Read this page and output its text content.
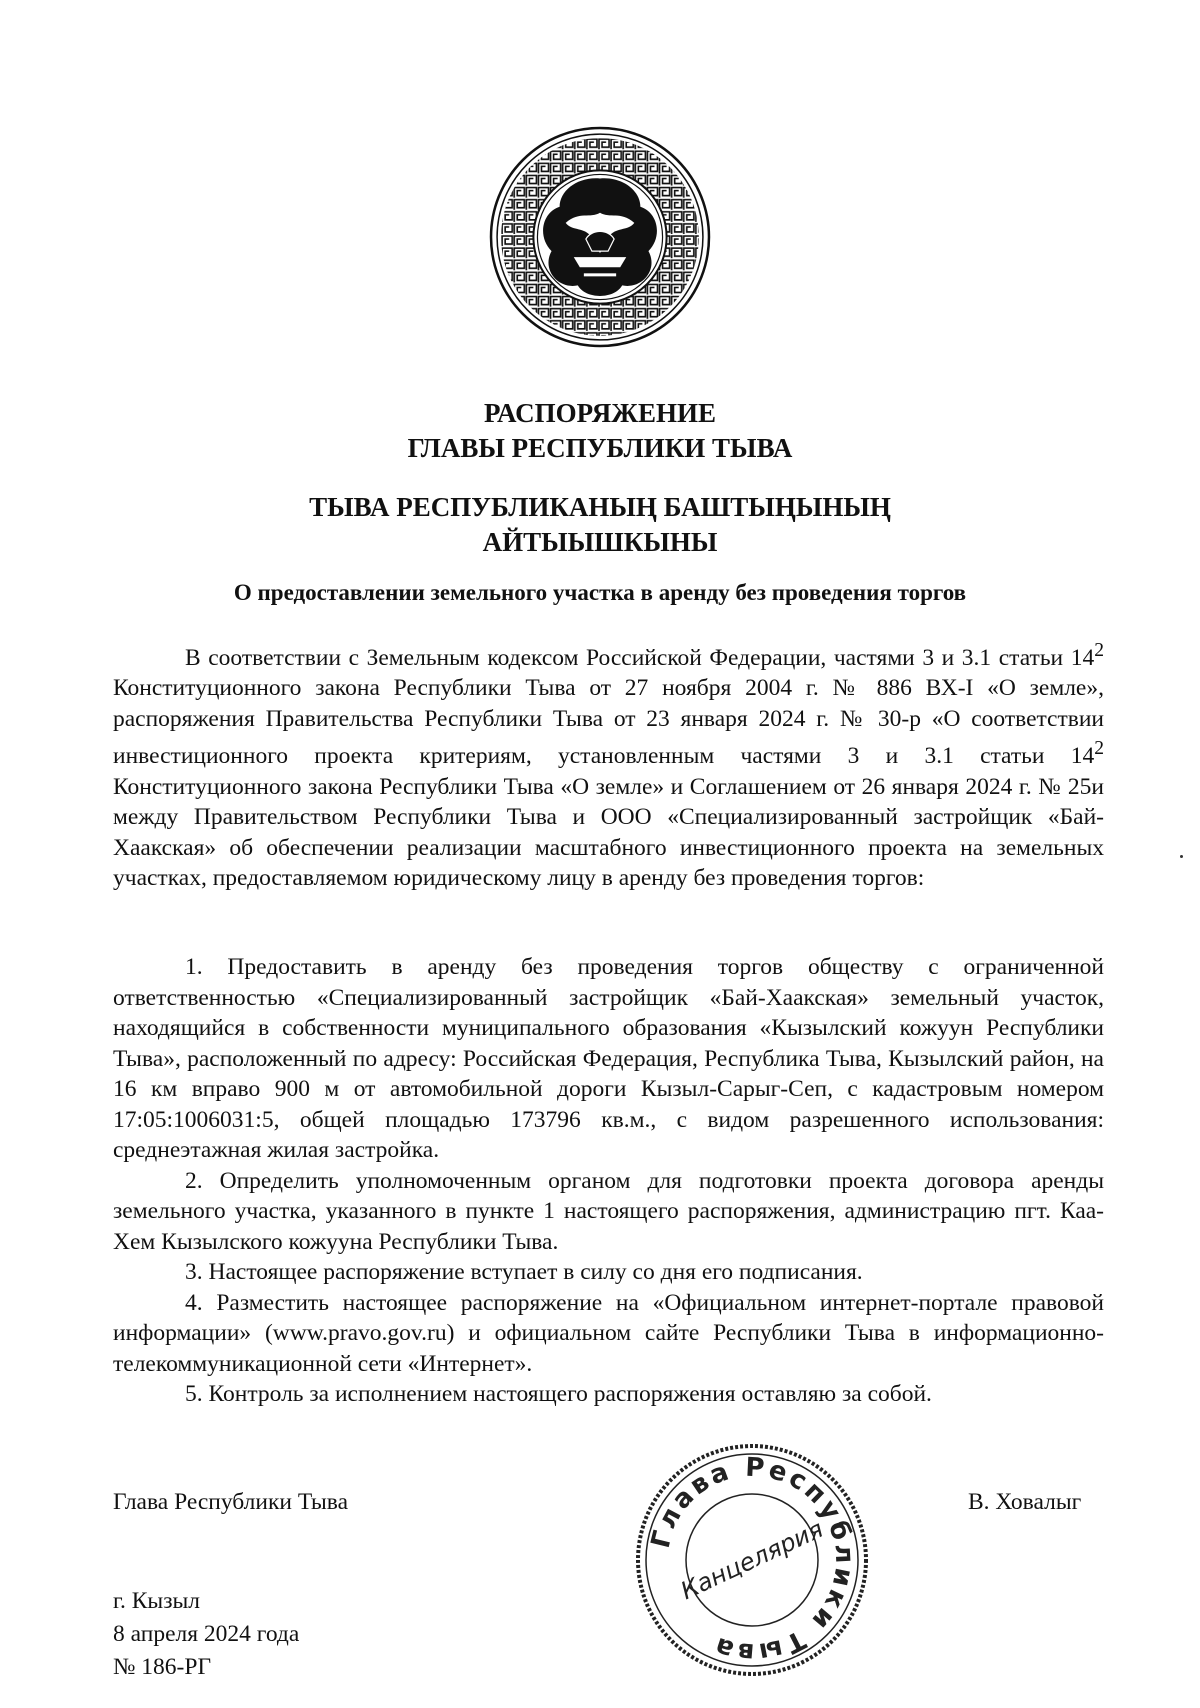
РАСПОРЯЖЕНИЕ
ГЛАВЫ РЕСПУБЛИКИ ТЫВА
ТЫВА РЕСПУБЛИКАНЫҢ БАШТЫҢЫНЫҢ
АЙТЫЫШКЫНЫ

О предоставлении земельного участка в аренду без проведения торгов

В соответствии с Земельным кодексом Российской Федерации, частями 3 и 3.1 статьи $14^2$ Конституционного закона Республики Тыва от 27 ноября 2004 г. № 886 ВХ-I «О земле», распоряжения Правительства Республики Тыва от 23 января 2024 г. № 30-р «О соответствии инвестиционного проекта критериям, установленным частями 3 и 3.1 статьи $14^2$ Конституционного закона Республики Тыва «О земле» и Соглашением от 26 января 2024 г. № 25и между Правительством Республики Тыва и ООО «Специализированный застройщик «Бай-Хаакская» об обеспечении реализации масштабного инвестиционного проекта на земельных участках, предоставляемом юридическому лицу в аренду без проведения торгов:

1. Предоставить в аренду без проведения торгов обществу с ограниченной ответственностью «Специализированный застройщик «Бай-Хаакская» земельный участок, находящийся в собственности муниципального образования «Кызылский кожуун Республики Тыва», расположенный по адресу: Российская Федерация, Республика Тыва, Кызылский район, на 16 км вправо 900 м от автомобильной дороги Кызыл-Сарыг-Сеп, с кадастровым номером 17:05:1006031:5, общей площадью 173796 кв.м., с видом разрешенного использования: среднеэтажная жилая застройка.

2. Определить уполномоченным органом для подготовки проекта договора аренды земельного участка, указанного в пункте 1 настоящего распоряжения, администрацию пгт. Каа-Хем Кызылского кожууна Республики Тыва.

3. Настоящее распоряжение вступает в силу со дня его подписания.

4. Разместить настоящее распоряжение на «Официальном интернет-портале правовой информации» (www.pravo.gov.ru) и официальном сайте Республики Тыва в информационно-телекоммуникационной сети «Интернет».

5. Контроль за исполнением настоящего распоряжения оставляю за собой.

Глава Республики Тыва	В. Ховалыг

г. Кызыл

8 апреля 2024 года

№ 186-РГ

Глава Республики Тыва
Канцелярия
